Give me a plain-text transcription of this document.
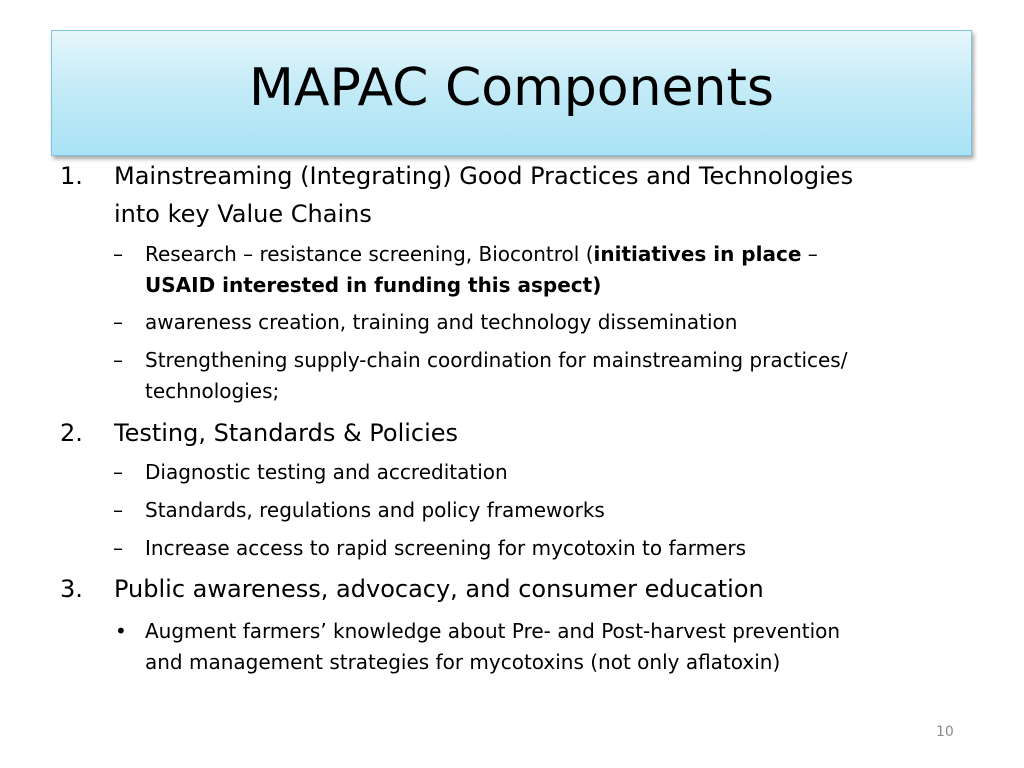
MAPAC Components
1. Mainstreaming (Integrating) Good Practices and Technologies
into key Value Chains
– Research – resistance screening, Biocontrol (initiatives in place –
USAID interested in funding this aspect)
– awareness creation, training and technology dissemination
– Strengthening supply-chain coordination for mainstreaming practices/
technologies;
2. Testing, Standards & Policies
– Diagnostic testing and accreditation
– Standards, regulations and policy frameworks
– Increase access to rapid screening for mycotoxin to farmers
3. Public awareness, advocacy, and consumer education
• Augment farmers’ knowledge about Pre- and Post-harvest prevention
and management strategies for mycotoxins (not only aflatoxin)
10
